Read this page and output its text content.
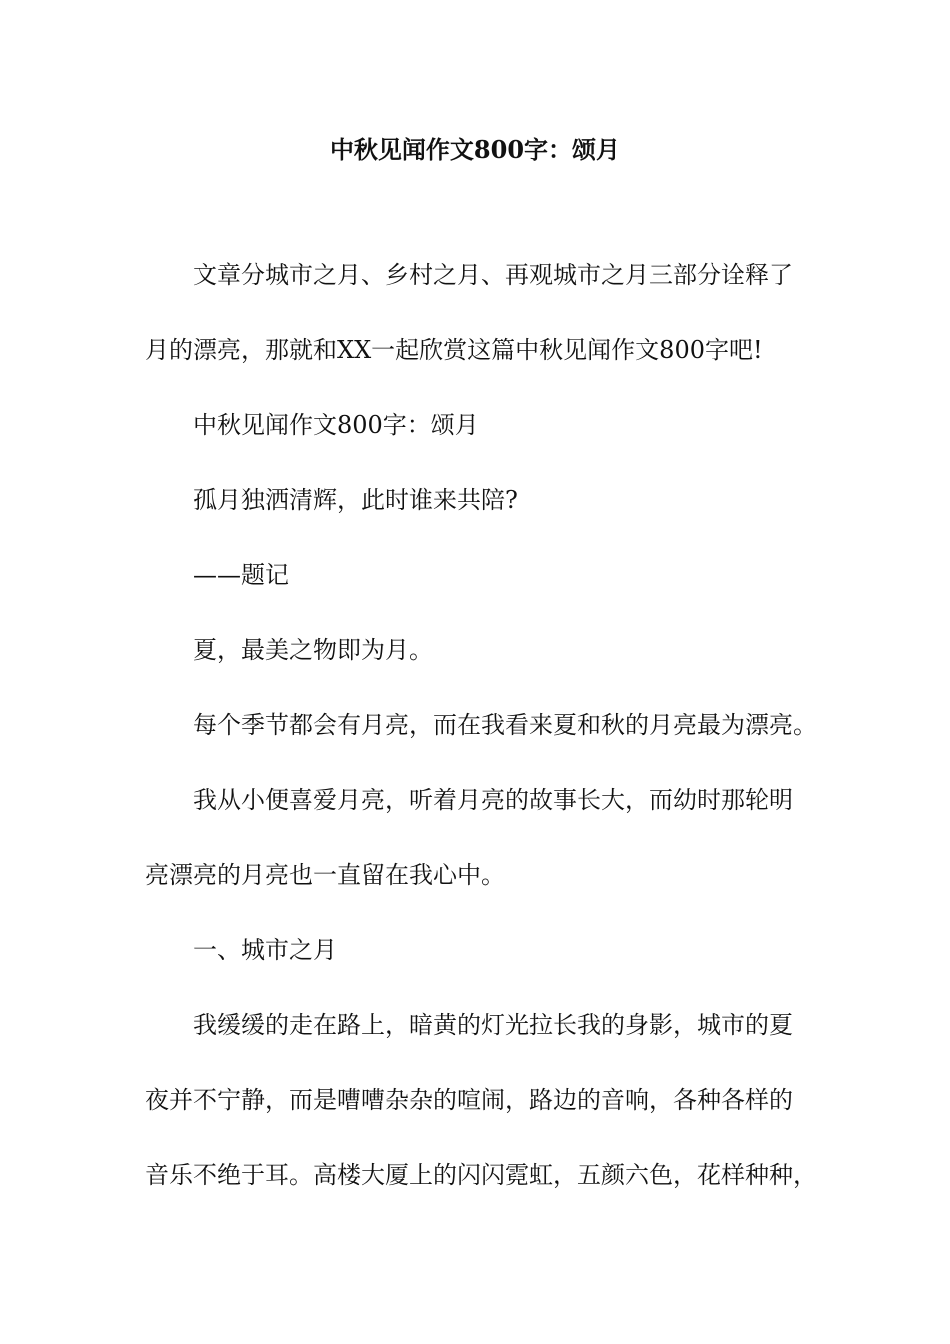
中秋见闻作文800字：颂月

文章分城市之月、乡村之月、再观城市之月三部分诠释了
月的漂亮，那就和XX一起欣赏这篇中秋见闻作文800字吧!

中秋见闻作文800字：颂月

孤月独洒清辉，此时谁来共陪?

——题记

夏，最美之物即为月。

每个季节都会有月亮，而在我看来夏和秋的月亮最为漂亮。

我从小便喜爱月亮，听着月亮的故事长大，而幼时那轮明
亮漂亮的月亮也一直留在我心中。

一、城市之月

我缓缓的走在路上，暗黄的灯光拉长我的身影，城市的夏
夜并不宁静，而是嘈嘈杂杂的喧闹，路边的音响，各种各样的
音乐不绝于耳。高楼大厦上的闪闪霓虹，五颜六色，花样种种，
